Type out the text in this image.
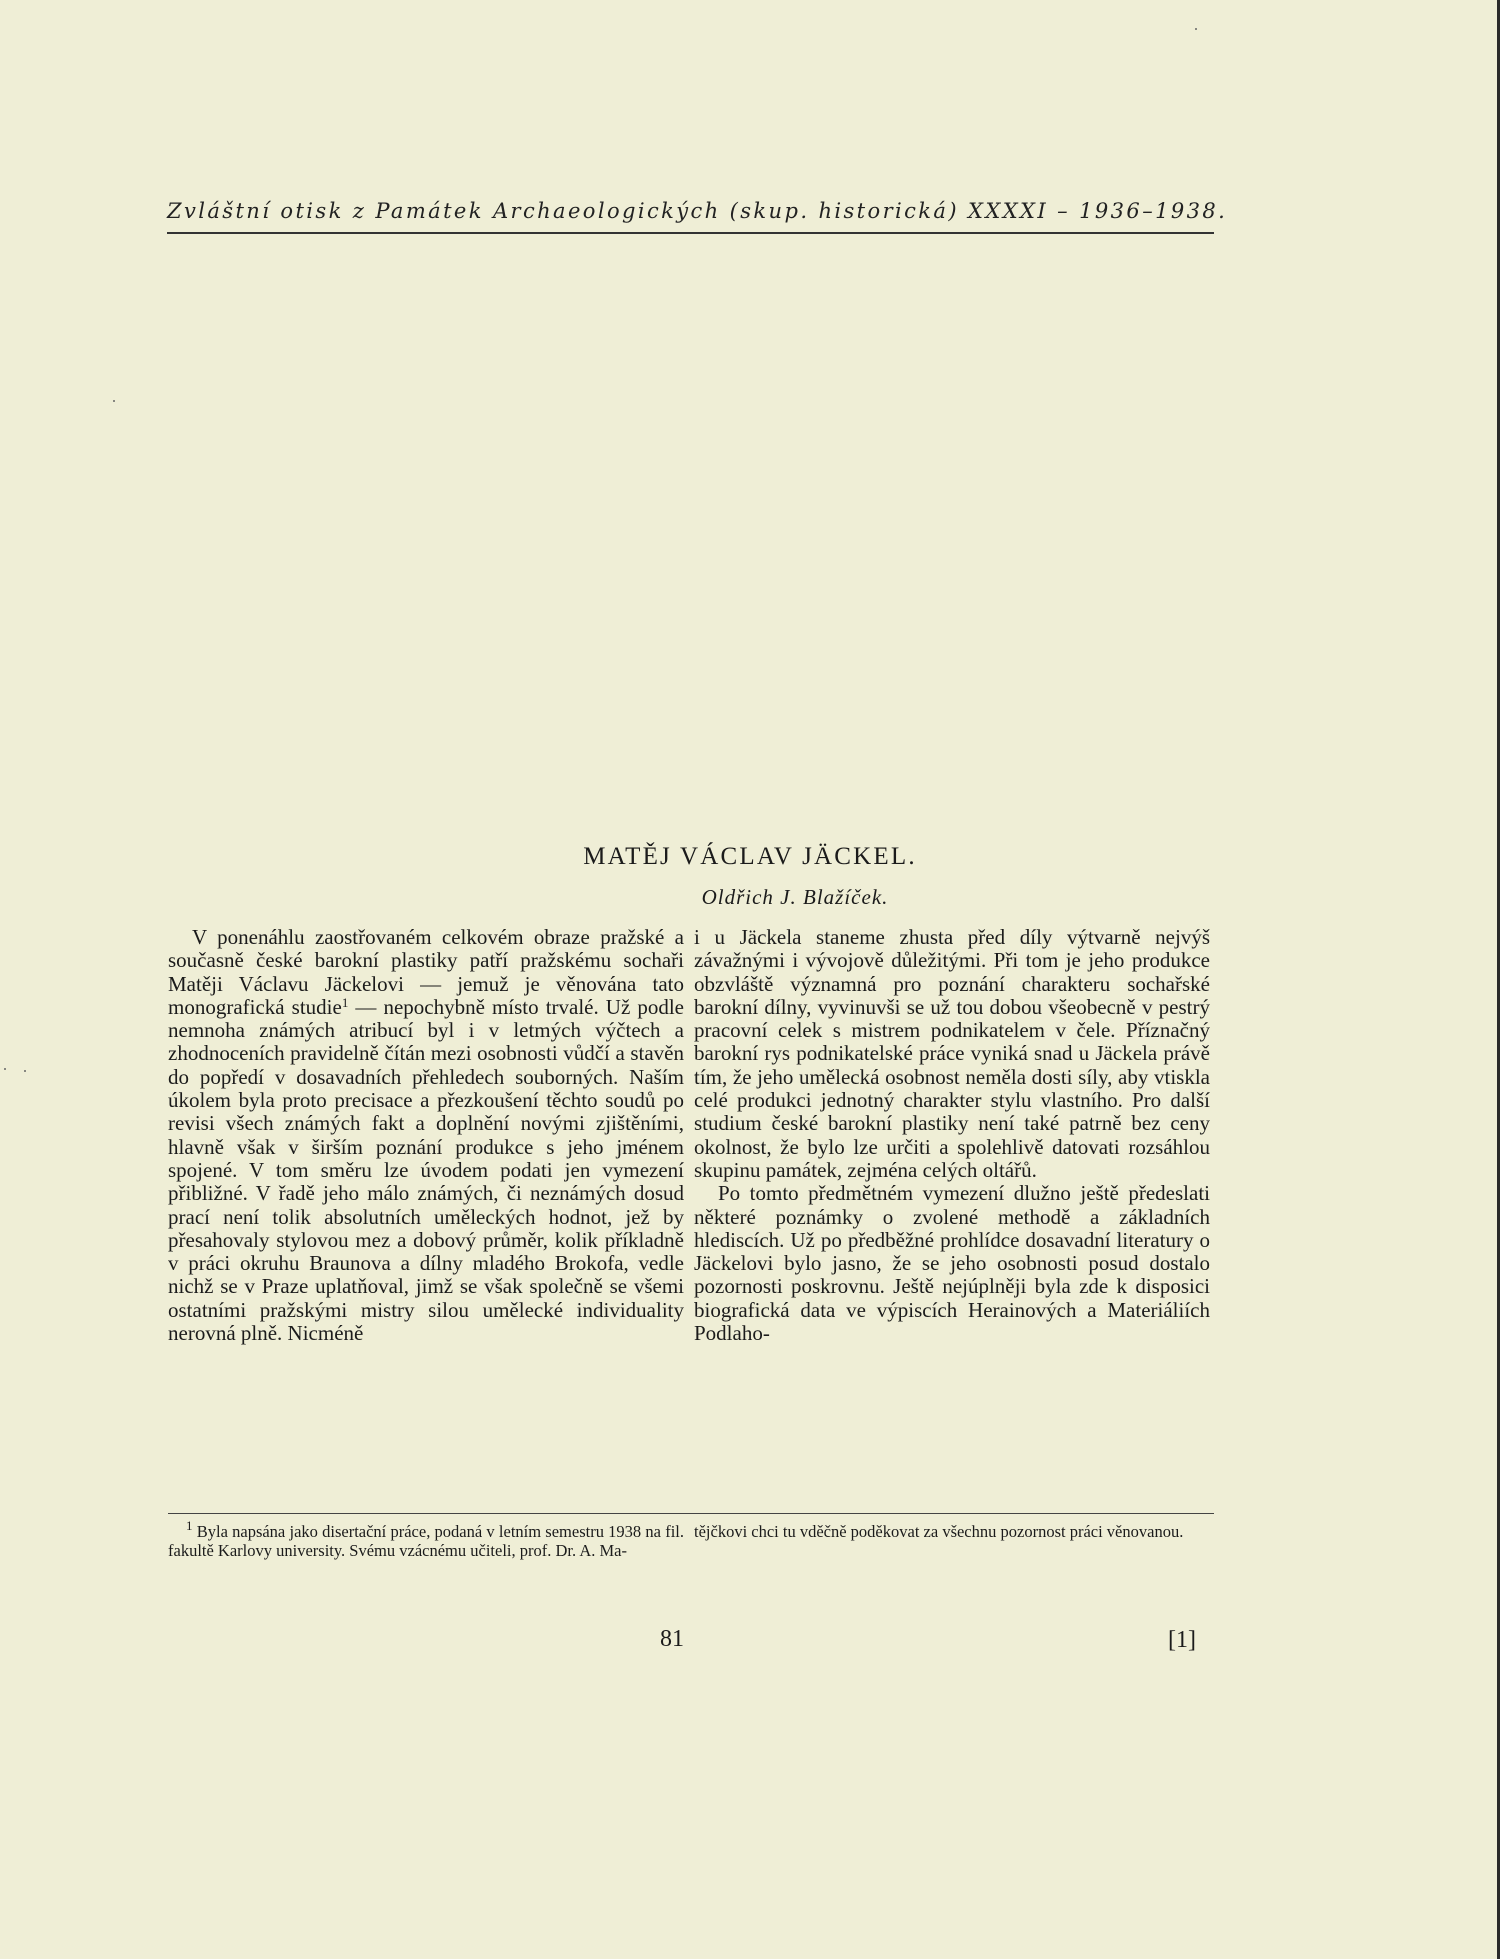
Zvláštní otisk z Památek Archaeologických (skup. historická) XXXXI – 1936–1938.
MATĚJ VÁCLAV JÄCKEL.
Oldřich J. Blažíček.

V ponenáhlu zaostřovaném celkovém obraze pražské a současně české barokní plastiky patří pražskému sochaři Matěji Václavu Jäckelovi — jemuž je věnována tato monografická studie$^1$ — nepochybně místo trvalé. Už podle nemnoha známých atribucí byl i v letmých výčtech a zhodnoceních pravidelně čítán mezi osobnosti vůdčí a stavěn do popředí v dosavadních přehledech souborných. Naším úkolem byla proto precisace a přezkoušení těchto soudů po revisi všech známých fakt a doplnění novými zjištěními, hlavně však v širším poznání produkce s jeho jménem spojené. V tom směru lze úvodem podati jen vymezení přibližné. V řadě jeho málo známých, či neznámých dosud prací není tolik absolutních uměleckých hodnot, jež by přesahovaly stylovou mez a dobový průměr, kolik příkladně v práci okruhu Braunova a dílny mladého Brokofa, vedle nichž se v Praze uplatňoval, jimž se však společně se všemi ostatními pražskými mistry silou umělecké individuality nerovná plně. Nicméně

i u Jäckela staneme zhusta před díly výtvarně nejvýš závažnými i vývojově důležitými. Při tom je jeho produkce obzvláště významná pro poznání charakteru sochařské barokní dílny, vyvinuvši se už tou dobou všeobecně v pestrý pracovní celek s mistrem podnikatelem v čele. Příznačný barokní rys podnikatelské práce vyniká snad u Jäckela právě tím, že jeho umělecká osobnost neměla dosti síly, aby vtiskla celé produkci jednotný charakter stylu vlastního. Pro další studium české barokní plastiky není také patrně bez ceny okolnost, že bylo lze určiti a spolehlivě datovati rozsáhlou skupinu památek, zejména celých oltářů.

Po tomto předmětném vymezení dlužno ještě předeslati některé poznámky o zvolené methodě a základních hlediscích. Už po předběžné prohlídce dosavadní literatury o Jäckelovi bylo jasno, že se jeho osobnosti posud dostalo pozornosti poskrovnu. Ještě nejúplněji byla zde k disposici biografická data ve výpiscích Herainových a Materiáliích Podlaho-

$^1$ Byla napsána jako disertační práce, podaná v letním semestru 1938 na fil. fakultě Karlovy university. Svému vzácnému učiteli, prof. Dr. A. Ma-
tějčkovi chci tu vděčně poděkovat za všechnu pozornost práci věnovanou.
81	[1]
